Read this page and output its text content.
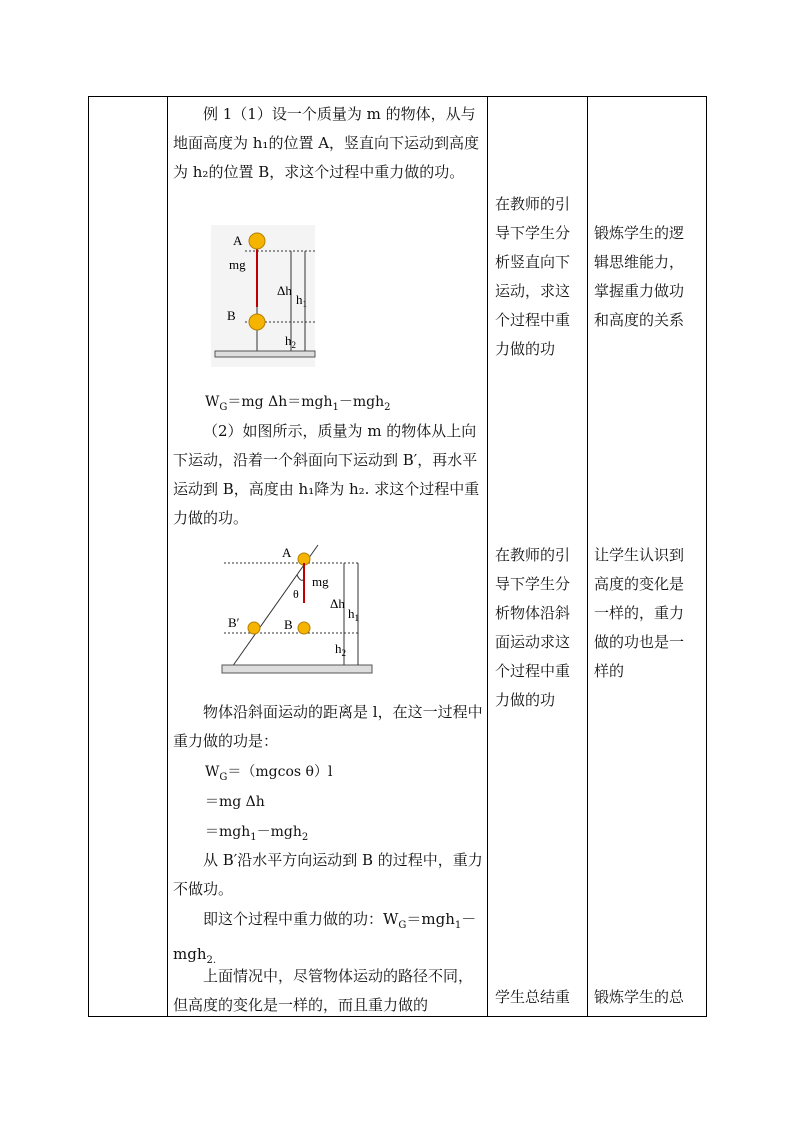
例 1（1）设一个质量为 m 的物体，从与地面高度为 h₁的位置 A，竖直向下运动到高度为 h₂的位置 B，求这个过程中重力做的功。
A
mg
B
Δh
$h_1$
$h_2$
$W_G=mg$ Δh＝mgh$_1$－mgh$_2$
（2）如图所示，质量为 m 的物体从上向下运动，沿着一个斜面向下运动到 B′，再水平运动到 B，高度由 h₁降为 h₂. 求这个过程中重力做的功。
A
mg
θ
B′	B
Δh
$h_1$
$h_2$
物体沿斜面运动的距离是 l，在这一过程中重力做的功是：
$W_G=(mgcos$ θ）l
＝mg Δh
＝mgh$_1$－mgh$_2$
从 B′沿水平方向运动到 B 的过程中，重力不做功。
即这个过程中重力做的功：$W_G=mgh_1-mgh_{2.}$
上面情况中，尽管物体运动的路径不同，但高度的变化是一样的，而且重力做的
在教师的引导下学生分析竖直向下运动，求这个过程中重力做的功
在教师的引导下学生分析物体沿斜面运动求这个过程中重力做的功
学生总结重
锻炼学生的逻辑思维能力，掌握重力做功和高度的关系
让学生认识到高度的变化是一样的，重力做的功也是一样的
锻炼学生的总
